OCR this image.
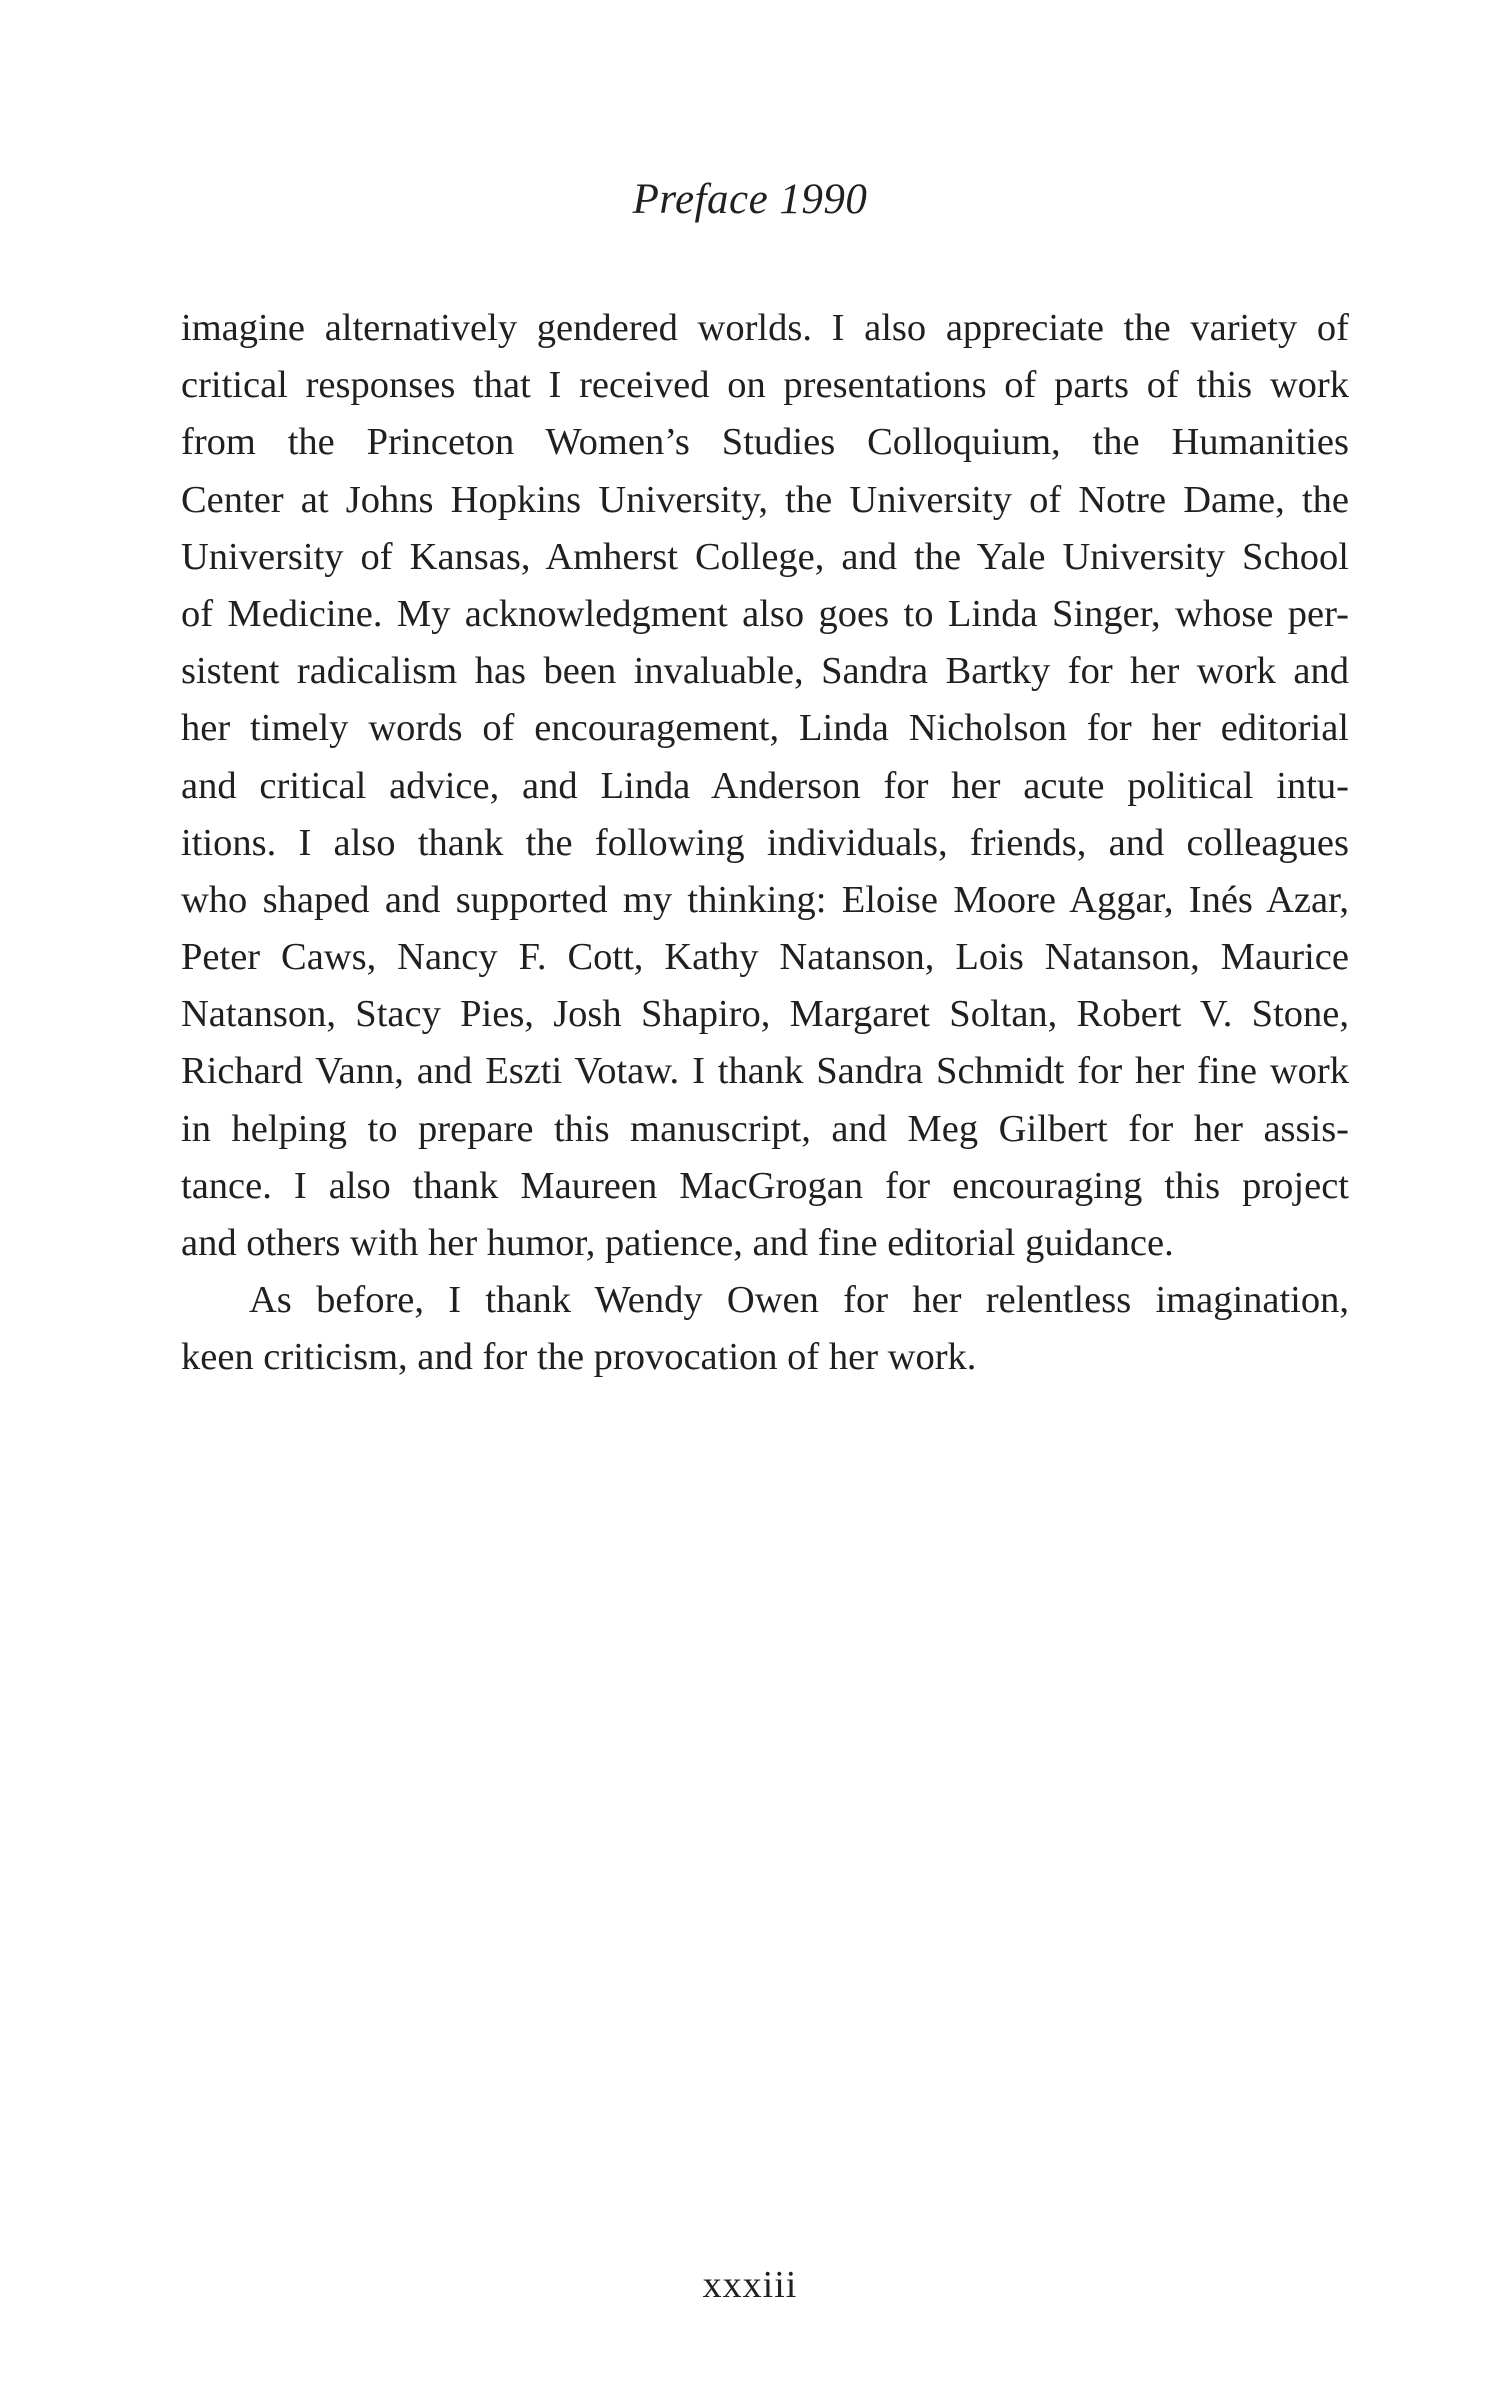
Preface 1990
imagine alternatively gendered worlds. I also appreciate the variety of
critical responses that I received on presentations of parts of this work
from the Princeton Women’s Studies Colloquium, the Humanities
Center at Johns Hopkins University, the University of Notre Dame, the
University of Kansas, Amherst College, and the Yale University School
of Medicine. My acknowledgment also goes to Linda Singer, whose per-
sistent radicalism has been invaluable, Sandra Bartky for her work and
her timely words of encouragement, Linda Nicholson for her editorial
and critical advice, and Linda Anderson for her acute political intu-
itions. I also thank the following individuals, friends, and colleagues
who shaped and supported my thinking: Eloise Moore Aggar, Inés Azar,
Peter Caws, Nancy F. Cott, Kathy Natanson, Lois Natanson, Maurice
Natanson, Stacy Pies, Josh Shapiro, Margaret Soltan, Robert V. Stone,
Richard Vann, and Eszti Votaw. I thank Sandra Schmidt for her fine work
in helping to prepare this manuscript, and Meg Gilbert for her assis-
tance. I also thank Maureen MacGrogan for encouraging this project
and others with her humor, patience, and fine editorial guidance.
As before, I thank Wendy Owen for her relentless imagination,
keen criticism, and for the provocation of her work.
xxxiii
